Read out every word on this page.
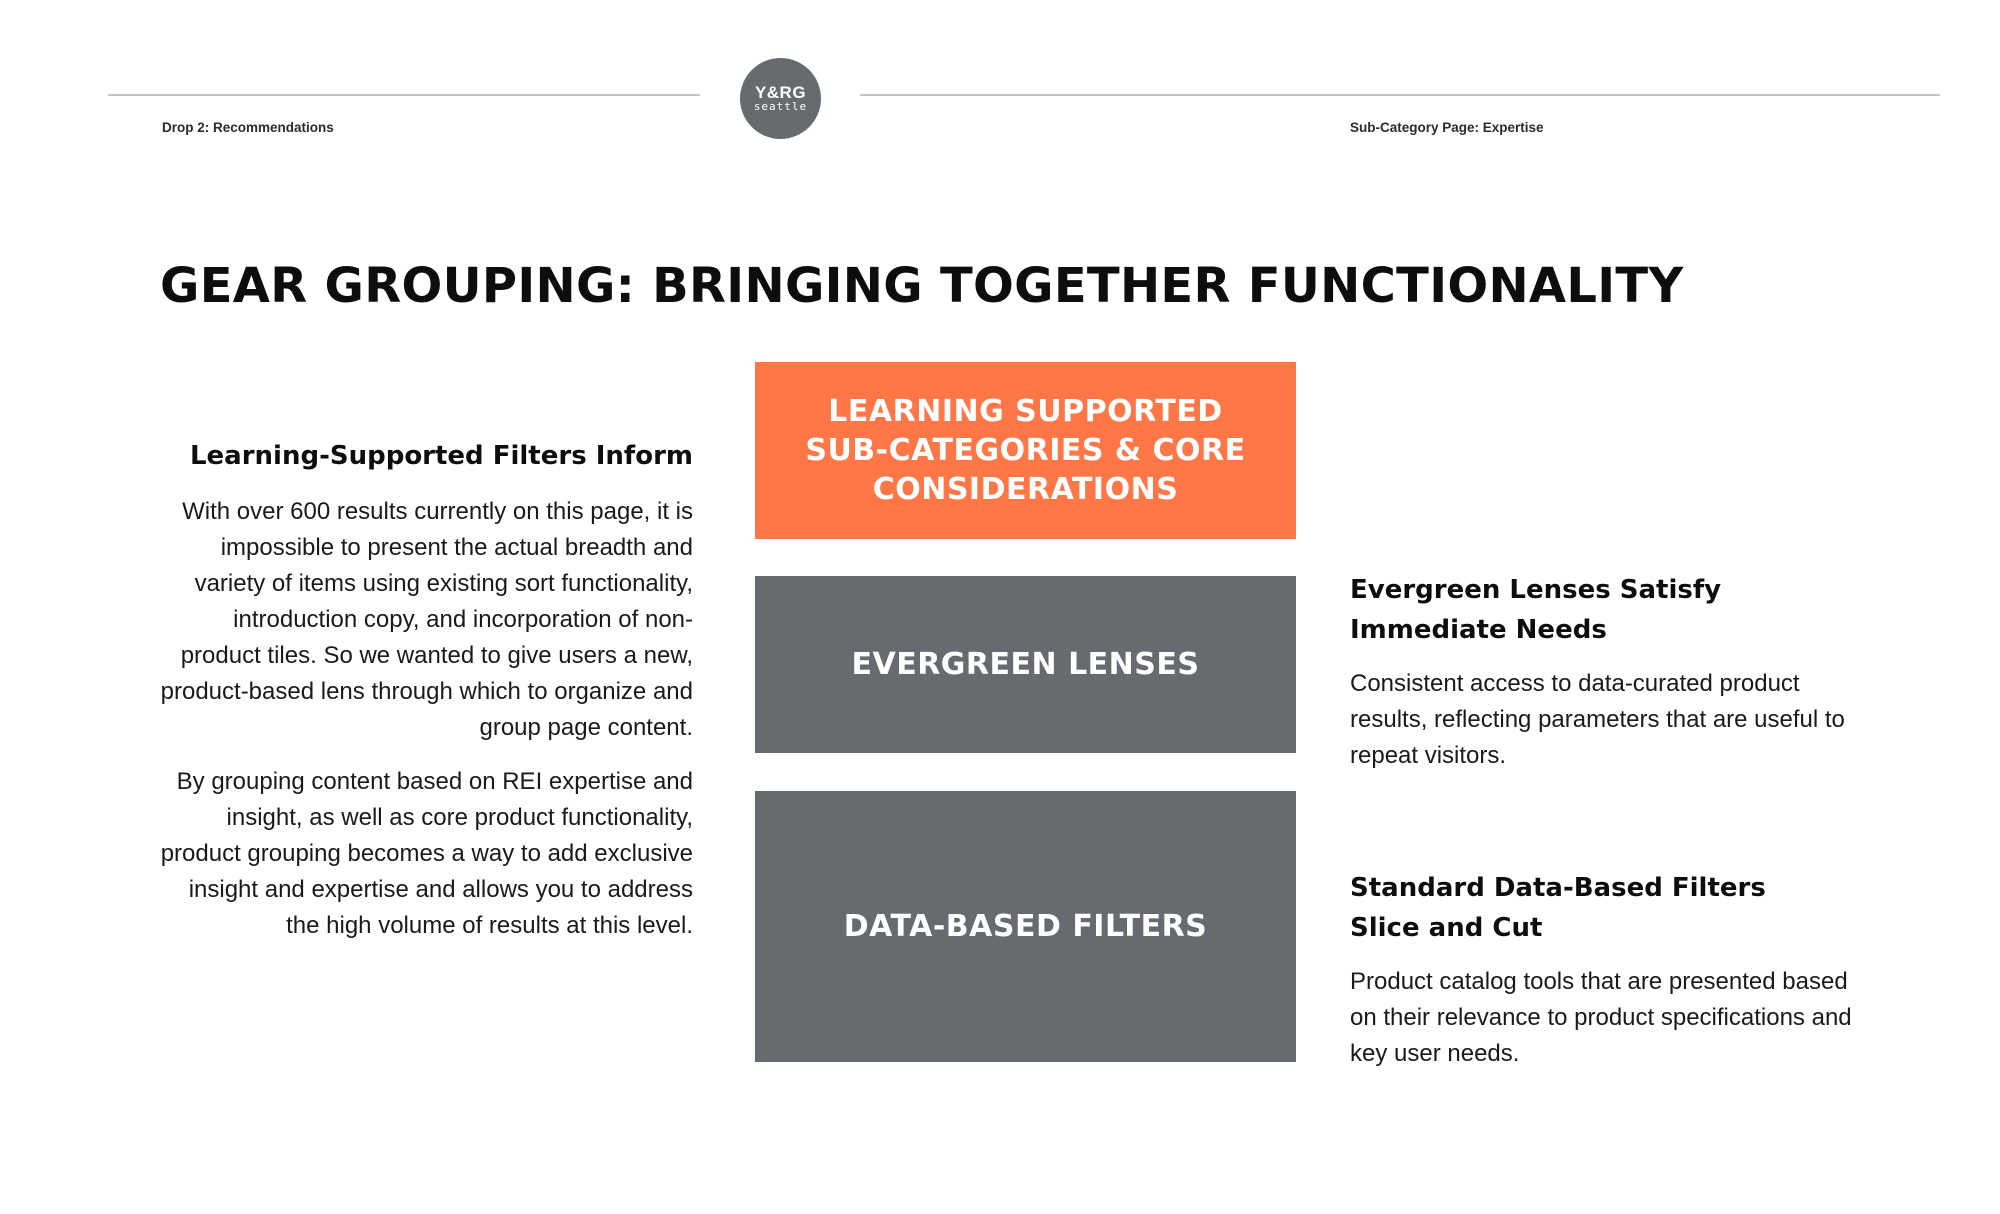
Y&RG
seattle
Drop 2: Recommendations	Sub-Category Page: Expertise
GEAR GROUPING: BRINGING TOGETHER FUNCTIONALITY
LEARNING SUPPORTED
SUB-CATEGORIES & CORE
CONSIDERATIONS
EVERGREEN LENSES
DATA-BASED FILTERS
Learning-Supported Filters Inform

With over 600 results currently on this page, it is impossible to present the actual breadth and variety of items using existing sort functionality, introduction copy, and incorporation of non-product tiles. So we wanted to give users a new, product-based lens through which to organize and group page content.

By grouping content based on REI expertise and insight, as well as core product functionality, product grouping becomes a way to add exclusive insight and expertise and allows you to address the high volume of results at this level.

Evergreen Lenses Satisfy
Immediate Needs

Consistent access to data-curated product results, reflecting parameters that are useful to repeat visitors.

Standard Data-Based Filters
Slice and Cut

Product catalog tools that are presented based on their relevance to product specifications and key user needs.
